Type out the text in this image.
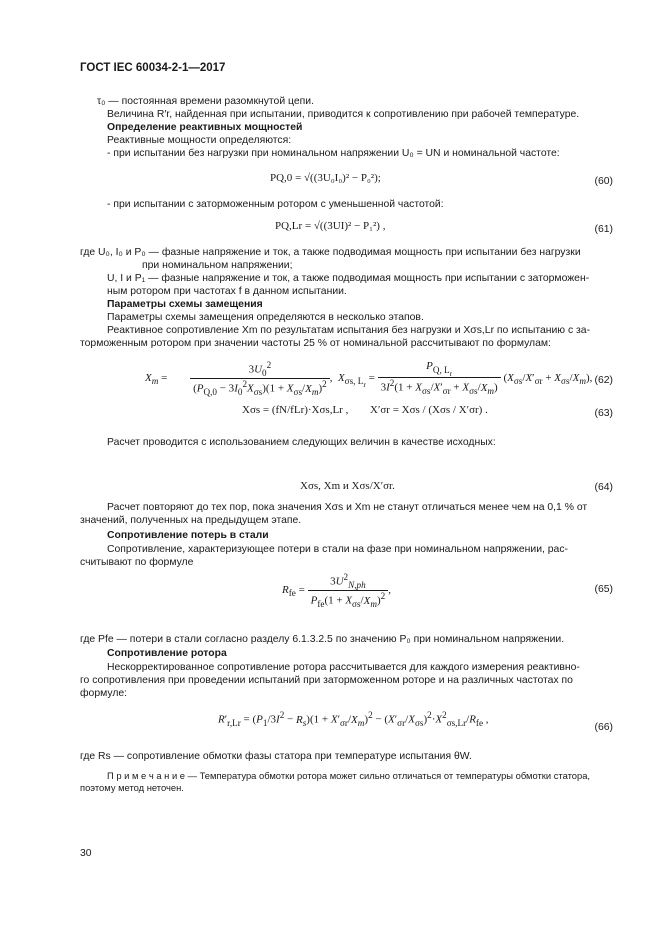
ГОСТ IEC 60034-2-1—2017
τ₀ — постоянная времени разомкнутой цепи.
Величина R′r, найденная при испытании, приводится к сопротивлению при рабочей температуре.
Определение реактивных мощностей
Реактивные мощности определяются:
- при испытании без нагрузки при номинальном напряжении U₀ = UN и номинальной частоте:
PQ,0 = √((3U₀I₀)² − P₀²);	(60)
- при испытании с заторможенным ротором с уменьшенной частотой:
PQ,Lr = √((3UI)² − P₁²) ,	(61)
где U₀, I₀ и P₀ — фазные напряжение и ток, а также подводимая мощность при испытании без нагрузки
при номинальном напряжении;
U, I и P₁ — фазные напряжение и ток, а также подводимая мощность при испытании с заторможен-
ным ротором при частотах f в данном испытании.
Параметры схемы замещения
Параметры схемы замещения определяются в несколько этапов.
Реактивное сопротивление Xm по результатам испытания без нагрузки и Xσs,Lr по испытанию с за-
торможенным ротором при значении частоты 25 % от номинальной рассчитывают по формулам:
$X_m$ =
$3U_0^2$
$(P_{Q,0} - 3I_0^2X_{\sigma s})(1 + X_{\sigma s}/X_m)^2$ ,  $X_{\sigma s, L_r}$ =
$P_{Q, L_r}$
$3I^2(1 + X_{\sigma s}/X'_{\sigma r} + X_{\sigma s}/X_m)$
$(X_{\sigma s}/X'_{\sigma r} + X_{\sigma s}/X_m)$, (62)
Xσs = (fN/fLr)·Xσs,Lr , X′σr = Xσs / (Xσs / X′σr) .	(63)
Расчет проводится с использованием следующих величин в качестве исходных:
Xσs, Xm и Xσs/X′σr.	(64)
Расчет повторяют до тех пор, пока значения Xσs и Xm не станут отличаться менее чем на 0,1 % от
значений, полученных на предыдущем этапе.
Сопротивление потерь в стали
Сопротивление, характеризующее потери в стали на фазе при номинальном напряжении, рас-
считывают по формуле
$R_{fe}$ =
$3U^2_{N,ph}$
$P_{fe}(1 + X_{\sigma s}/X_m)^2$ ,	(65)
где Pfe — потери в стали согласно разделу 6.1.3.2.5 по значению P₀ при номинальном напряжении.
Сопротивление ротора
Нескорректированное сопротивление ротора рассчитывается для каждого измерения реактивно-
го сопротивления при проведении испытаний при заторможенном роторе и на различных частотах по
формуле:
$R'_{r,Lr} = (P_1/3I^2 - R_s)(1 + X'_{\sigma r}/X_m)^2 - (X'_{\sigma r}/X_{\sigma s})^2\cdot X^2_{\sigma s,Lr}/R_{fe}$ ,
(66)
где Rs — сопротивление обмотки фазы статора при температуре испытания θW.
П р и м е ч а н и е — Температура обмотки ротора может сильно отличаться от температуры обмотки статора,
поэтому метод неточен.
30
